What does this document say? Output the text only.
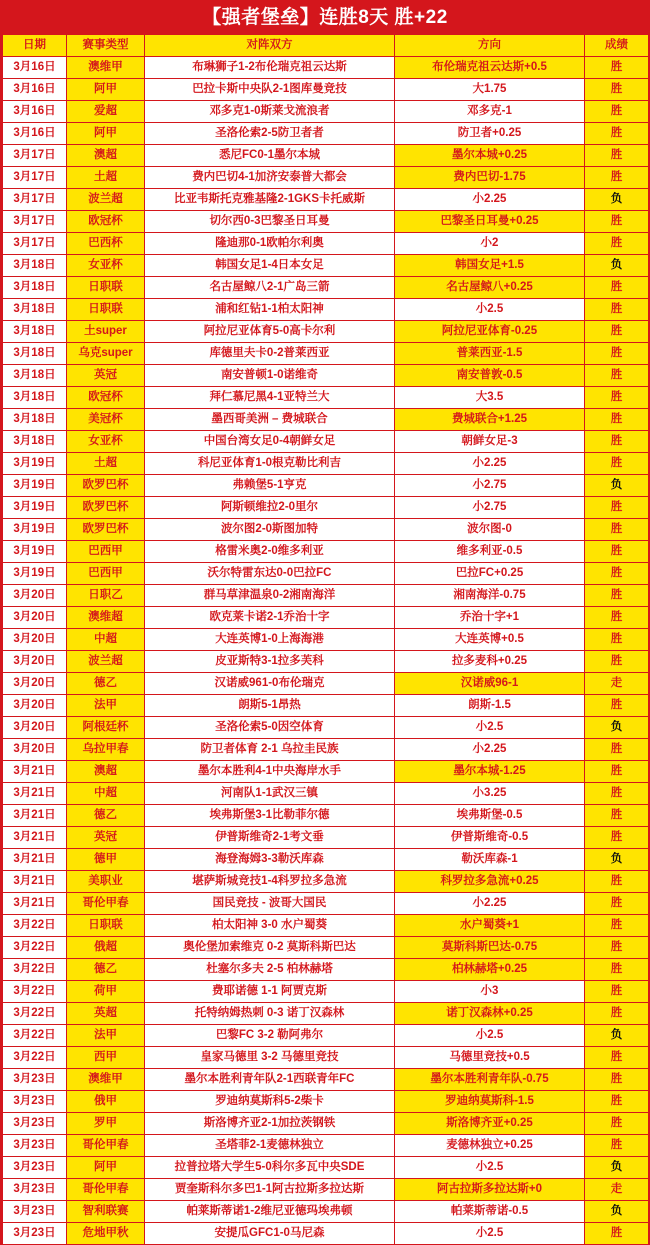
【强者堡垒】连胜8天 胜+22
日期	赛事类型	对阵双方	方向	成绩
3月16日	澳维甲	布琳狮子1-2布伦瑞克祖云达斯	布伦瑞克祖云达斯+0.5	胜
3月16日	阿甲	巴拉卡斯中央队2-1图库曼竞技	大1.75	胜
3月16日	爱超	邓多克1-0斯莱戈流浪者	邓多克-1	胜
3月16日	阿甲	圣洛伦索2-5防卫者者	防卫者+0.25	胜
3月17日	澳超	悉尼FC0-1墨尔本城	墨尔本城+0.25	胜
3月17日	土超	费内巴切4-1加济安泰普大都会	费内巴切-1.75	胜
3月17日	波兰超	比亚韦斯托克雅基隆2-1GKS卡托威斯	小2.25	负
3月17日	欧冠杯	切尔西0-3巴黎圣日耳曼	巴黎圣日耳曼+0.25	胜
3月17日	巴西杯	隆迪那0-1欧帕尔利奥	小2	胜
3月18日	女亚杯	韩国女足1-4日本女足	韩国女足+1.5	负
3月18日	日职联	名古屋鲸八2-1广岛三箭	名古屋鲸八+0.25	胜
3月18日	日职联	浦和红钻1-1柏太阳神	小2.5	胜
3月18日	土super	阿拉尼亚体育5-0高卡尔利	阿拉尼亚体育-0.25	胜
3月18日	乌克super	库德里夫卡0-2普莱西亚	普莱西亚-1.5	胜
3月18日	英冠	南安普顿1-0诺维奇	南安普敦-0.5	胜
3月18日	欧冠杯	拜仁慕尼黑4-1亚特兰大	大3.5	胜
3月18日	美冠杯	墨西哥美洲 – 费城联合	费城联合+1.25	胜
3月18日	女亚杯	中国台湾女足0-4朝鲜女足	朝鲜女足-3	胜
3月19日	土超	科尼亚体育1-0根克勒比利吉	小2.25	胜
3月19日	欧罗巴杯	弗赖堡5-1亨克	小2.75	负
3月19日	欧罗巴杯	阿斯顿维拉2-0里尔	小2.75	胜
3月19日	欧罗巴杯	波尔图2-0斯图加特	波尔图-0	胜
3月19日	巴西甲	格雷米奥2-0维多利亚	维多利亚-0.5	胜
3月19日	巴西甲	沃尔特雷东达0-0巴拉FC	巴拉FC+0.25	胜
3月20日	日职乙	群马草津温泉0-2湘南海洋	湘南海洋-0.75	胜
3月20日	澳维超	欧克莱卡诺2-1乔治十字	乔治十字+1	胜
3月20日	中超	大连英博1-0上海海港	大连英博+0.5	胜
3月20日	波兰超	皮亚斯特3-1拉多芙科	拉多麦科+0.25	胜
3月20日	德乙	汉诺威961-0布伦瑞克	汉诺威96-1	走
3月20日	法甲	朗斯5-1昂热	朗斯-1.5	胜
3月20日	阿根廷杯	圣洛伦索5-0因空体育	小2.5	负
3月20日	乌拉甲春	防卫者体育 2-1 乌拉圭民族	小2.25	胜
3月21日	澳超	墨尔本胜利4-1中央海岸水手	墨尔本城-1.25	胜
3月21日	中超	河南队1-1武汉三镇	小3.25	胜
3月21日	德乙	埃弗斯堡3-1比勒菲尔德	埃弗斯堡-0.5	胜
3月21日	英冠	伊普斯维奇2-1考文垂	伊普斯维奇-0.5	胜
3月21日	德甲	海登海姆3-3勒沃库森	勒沃库森-1	负
3月21日	美职业	堪萨斯城竞技1-4科罗拉多急流	科罗拉多急流+0.25	胜
3月21日	哥伦甲春	国民竞技 - 波哥大国民	小2.25	胜
3月22日	日职联	柏太阳神 3-0 水户蜀葵	水户蜀葵+1	胜
3月22日	俄超	奥伦堡加索维克 0-2 莫斯科斯巴达	莫斯科斯巴达-0.75	胜
3月22日	德乙	杜塞尔多夫 2-5 柏林赫塔	柏林赫塔+0.25	胜
3月22日	荷甲	费耶诺德 1-1 阿贾克斯	小3	胜
3月22日	英超	托特纳姆热刺 0-3 诺丁汉森林	诺丁汉森林+0.25	胜
3月22日	法甲	巴黎FC 3-2 勒阿弗尔	小2.5	负
3月22日	西甲	皇家马德里 3-2 马德里竞技	马德里竞技+0.5	胜
3月23日	澳维甲	墨尔本胜利青年队2-1西联青年FC	墨尔本胜利青年队-0.75	胜
3月23日	俄甲	罗迪纳莫斯科5-2柴卡	罗迪纳莫斯科-1.5	胜
3月23日	罗甲	斯洛博齐亚2-1加拉茨钢铁	斯洛博齐亚+0.25	胜
3月23日	哥伦甲春	圣塔菲2-1麦德林独立	麦德林独立+0.25	胜
3月23日	阿甲	拉普拉塔大学生5-0科尔多瓦中央SDE	小2.5	负
3月23日	哥伦甲春	贾奎斯科尔多巴1-1阿古拉斯多拉达斯	阿古拉斯多拉达斯+0	走
3月23日	智利联赛	帕莱斯蒂诺1-2维尼亚德玛埃弗顿	帕莱斯蒂诺-0.5	负
3月23日	危地甲秋	安提瓜GFC1-0马尼森	小2.5	胜
